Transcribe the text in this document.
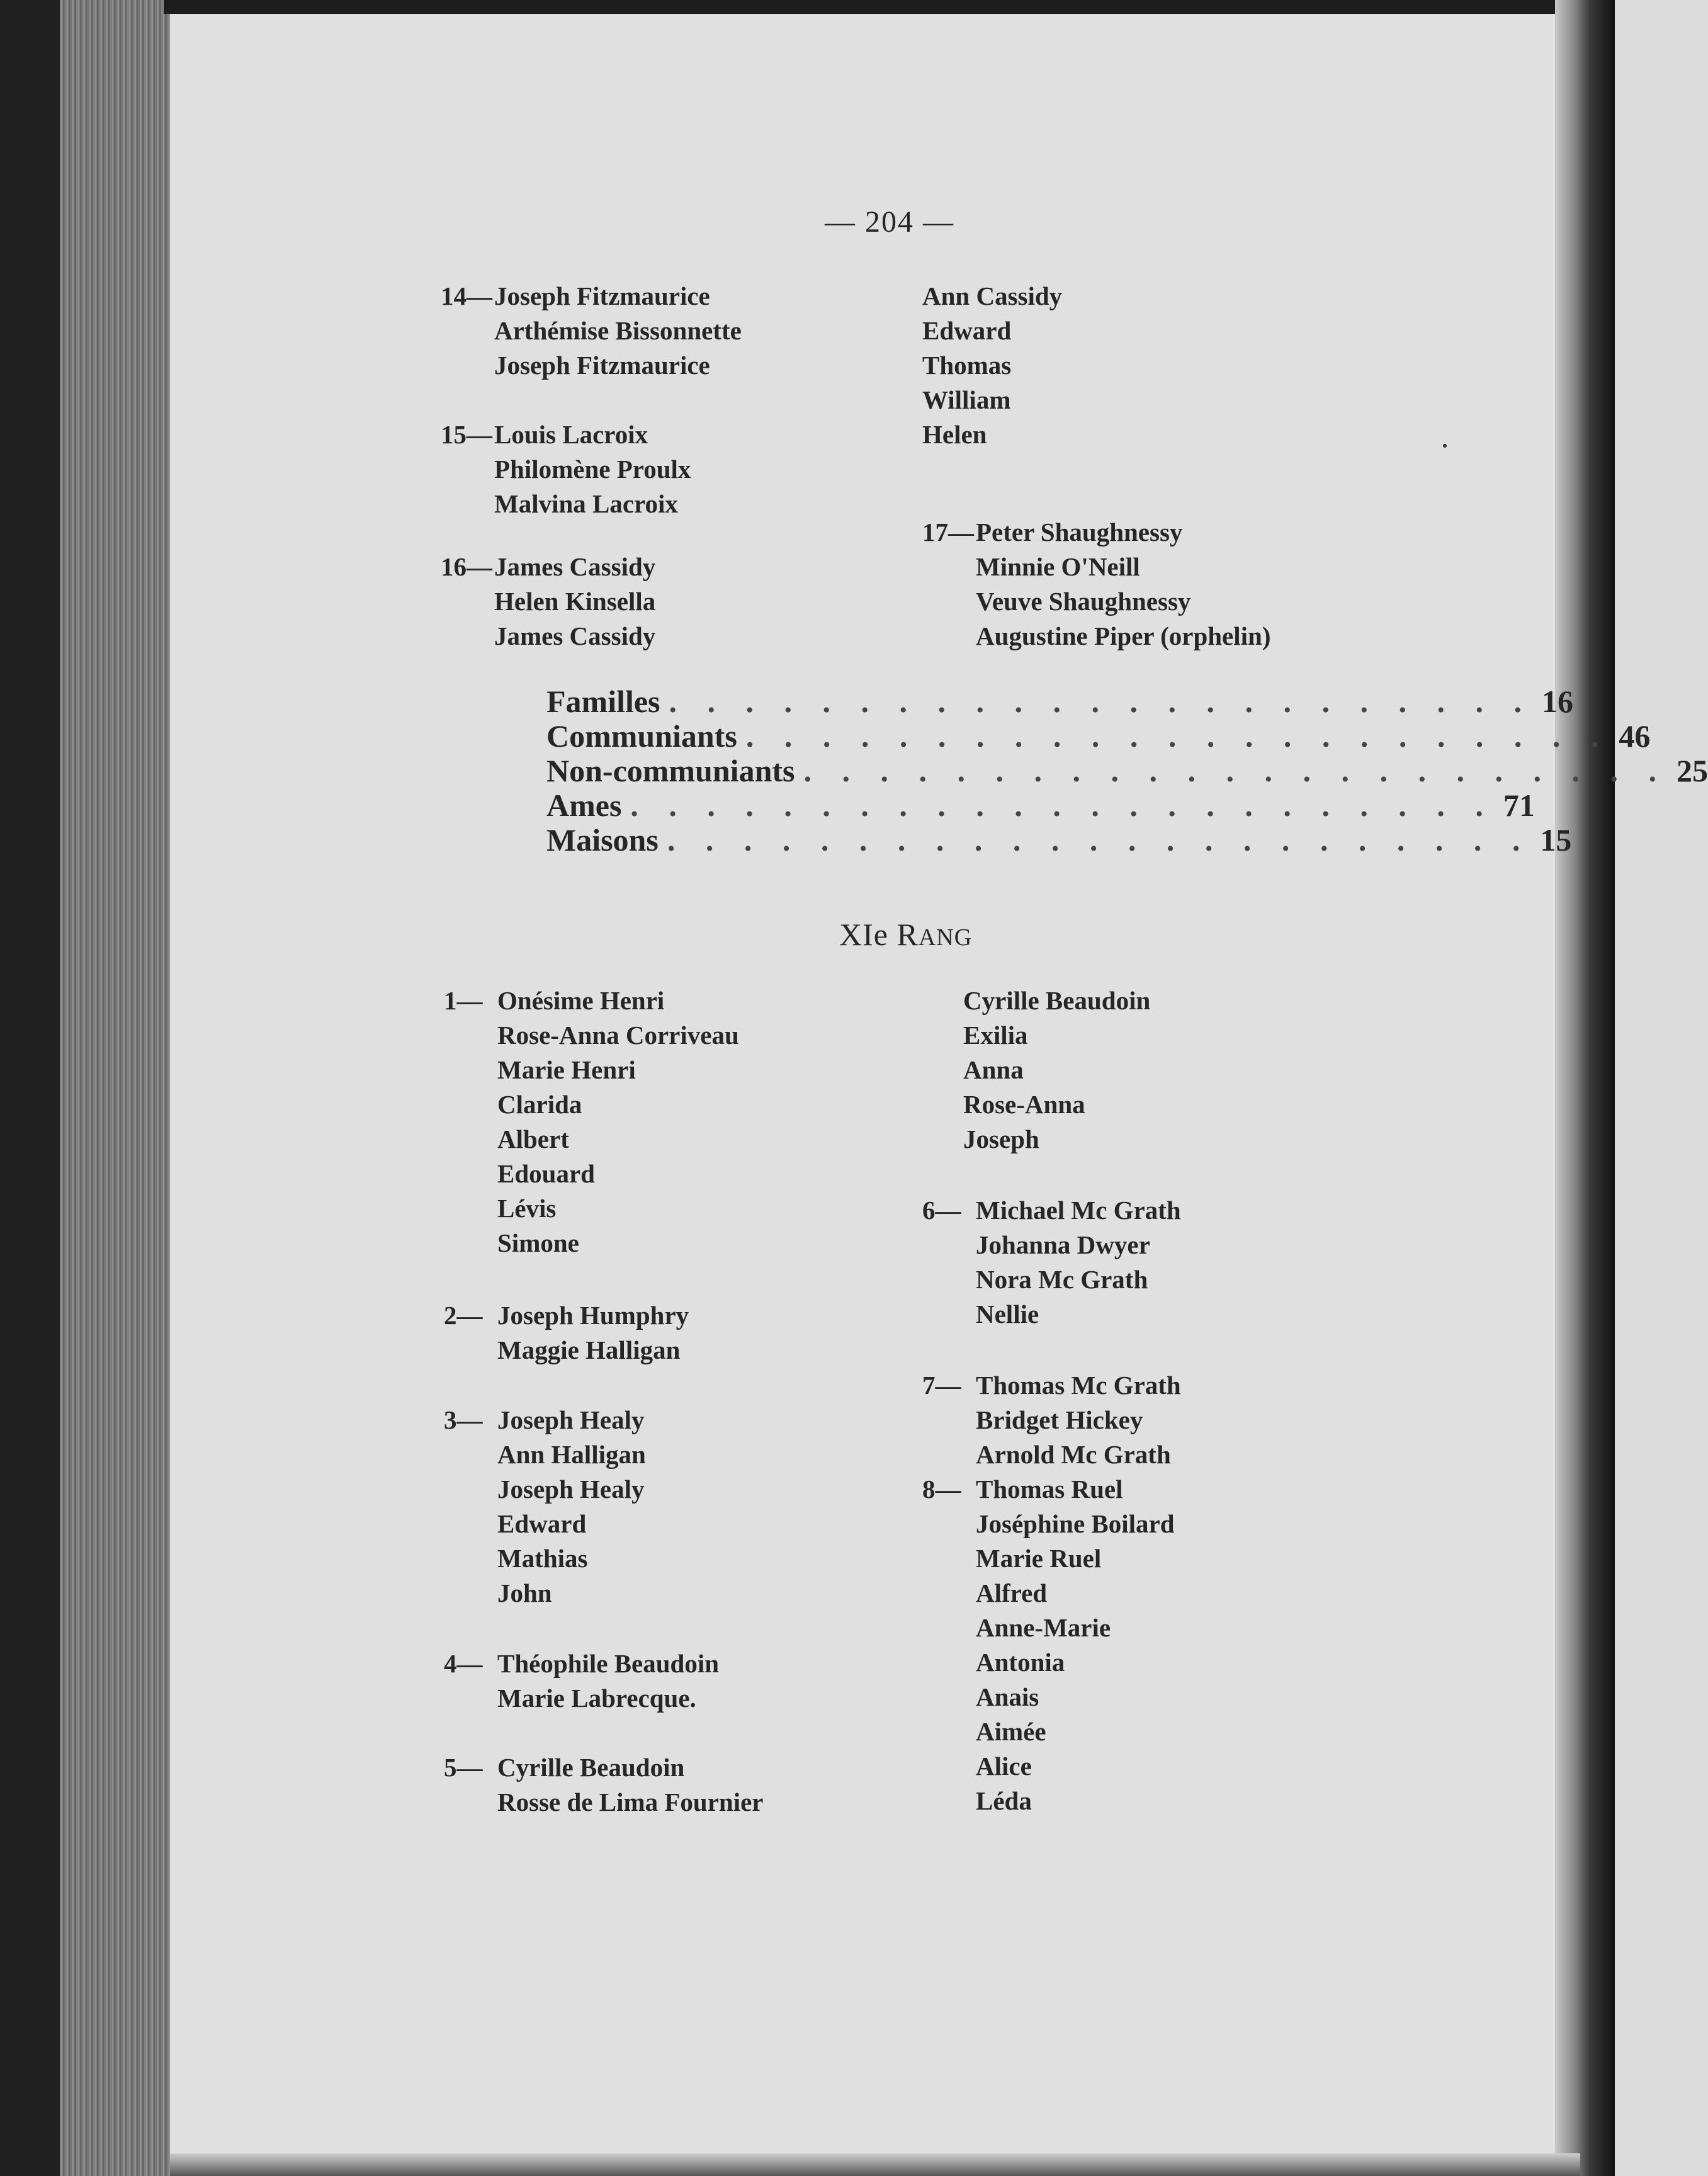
— 204 —
14—Joseph Fitzmaurice
Arthémise Bissonnette
Joseph Fitzmaurice
15—Louis Lacroix
Philomène Proulx
Malvina Lacroix
16—James Cassidy
Helen Kinsella
James Cassidy
Ann Cassidy
Edward
Thomas
William
Helen
17—Peter Shaughnessy
Minnie O'Neill
Veuve Shaughnessy
Augustine Piper (orphelin)
Familles . . . . . . . . . . . . . . . . . . . . . . . 16
Communiants . . . . . . . . . . . . . . . . . . . . . . . 46
Non-communiants . . . . . . . . . . . . . . . . . . . . . . . 25
Ames . . . . . . . . . . . . . . . . . . . . . . . 71
Maisons . . . . . . . . . . . . . . . . . . . . . . . 15
XIe RANG
1— Onésime Henri
Rose-Anna Corriveau
Marie Henri
Clarida
Albert
Edouard
Lévis
Simone
2— Joseph Humphry
Maggie Halligan
3— Joseph Healy
Ann Halligan
Joseph Healy
Edward
Mathias
John
4— Théophile Beaudoin
Marie Labrecque.
5— Cyrille Beaudoin
Rosse de Lima Fournier
Cyrille Beaudoin
Exilia
Anna
Rose-Anna
Joseph
6— Michael Mc Grath
Johanna Dwyer
Nora Mc Grath
Nellie
7— Thomas Mc Grath
Bridget Hickey
Arnold Mc Grath
8— Thomas Ruel
Joséphine Boilard
Marie Ruel
Alfred
Anne-Marie
Antonia
Anais
Aimée
Alice
Léda
